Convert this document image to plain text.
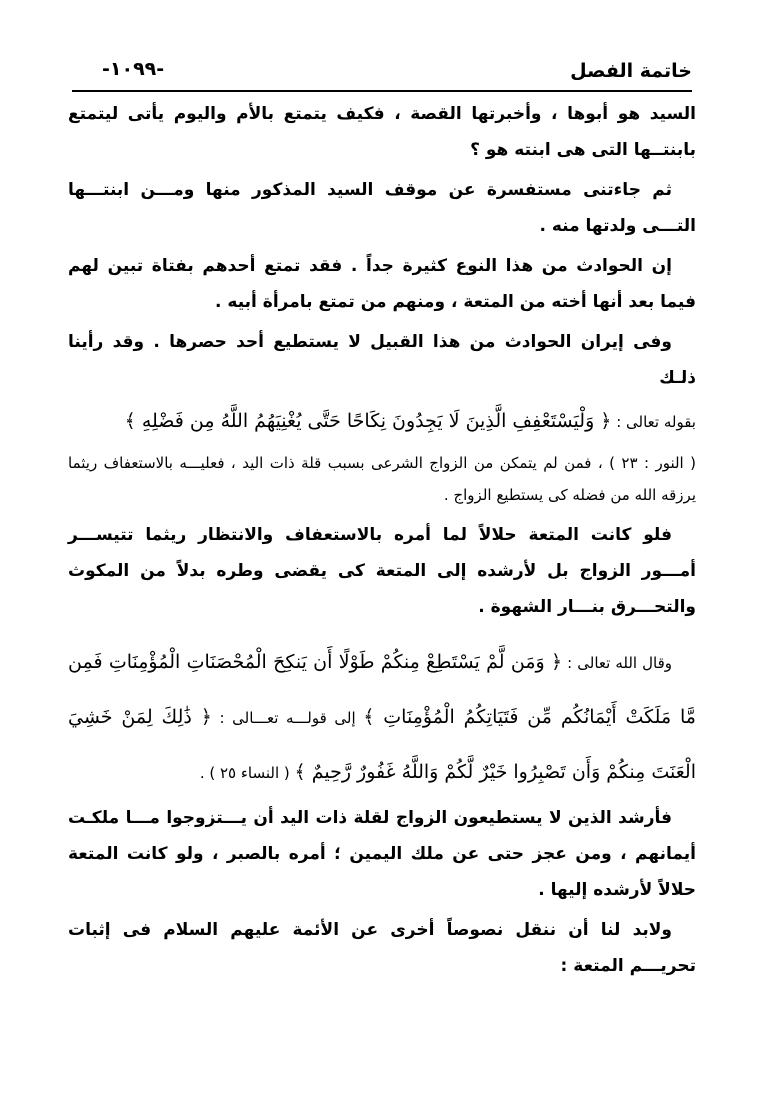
خاتمة الفصل
-١٠٩٩-

السيد هو أبوها ، وأخبرتها القصة ، فكيف يتمتع بالأم واليوم يأتى ليتمتع بابنتــها التى هى ابنته هو ؟

ثم جاءتنى مستفسرة عن موقف السيد المذكور منها ومـــن ابنتـــها التـــى ولدتها منه .

إن الحوادث من هذا النوع كثيرة جداً . فقد تمتع أحدهم بفتاة تبين لهم فيما بعد أنها أخته من المتعة ، ومنهم من تمتع بامرأة أبيه .

وفى إيران الحوادث من هذا القبيل لا يستطيع أحد حصرها . وقد رأينا ذلـك

بقوله تعالى : ﴿ وَلْيَسْتَعْفِفِ الَّذِينَ لَا يَجِدُونَ نِكَاحًا حَتَّى يُغْنِيَهُمُ اللَّهُ مِن فَضْلِهِ ﴾

( النور : ٢٣ ) ، فمن لم يتمكن من الزواج الشرعى بسبب قلة ذات اليد ، فعليـــه بالاستعفاف ريثما يرزقه الله من فضله كى يستطيع الزواج .

فلو كانت المتعة حلالاً لما أمره بالاستعفاف والانتظار ريثما تتيســـر أمـــور الزواج بل لأرشده إلى المتعة كى يقضى وطره بدلاً من المكوث والتحـــرق بنـــار الشهوة .

وقال الله تعالى : ﴿ وَمَن لَّمْ يَسْتَطِعْ مِنكُمْ طَوْلًا أَن يَنكِحَ الْمُحْصَنَاتِ الْمُؤْمِنَاتِ فَمِن مَّا مَلَكَتْ أَيْمَانُكُم مِّن فَتَيَاتِكُمُ الْمُؤْمِنَاتِ ﴾ إلى قولـــه تعـــالى : ﴿ ذَٰلِكَ لِمَنْ خَشِيَ الْعَنَتَ مِنكُمْ وَأَن تَصْبِرُوا خَيْرٌ لَّكُمْ وَاللَّهُ غَفُورٌ رَّحِيمٌ ﴾ ( النساء ٢٥ ) .

فأرشد الذين لا يستطيعون الزواج لقلة ذات اليد أن يـــتزوجوا مـــا ملكـت أيمانهم ، ومن عجز حتى عن ملك اليمين ؛ أمره بالصبر ، ولو كانت المتعة حلالاً لأرشده إليها .

ولابد لنا أن ننقل نصوصاً أخرى عن الأئمة عليهم السلام فى إثبات تحريـــم المتعة :
